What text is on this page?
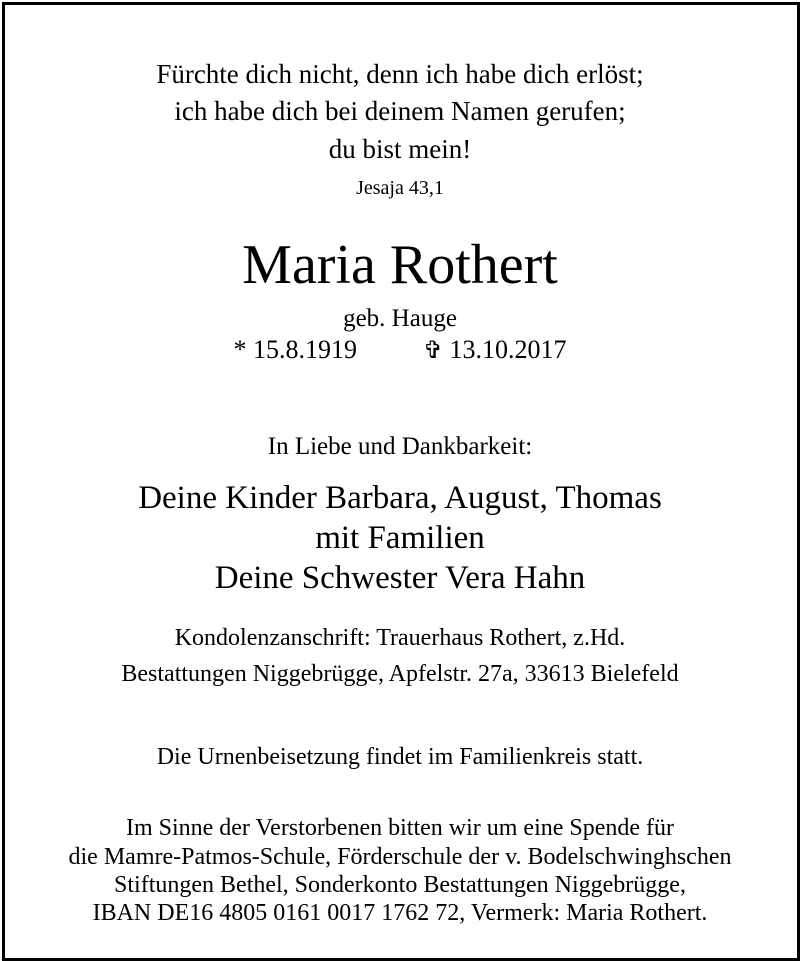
Fürchte dich nicht, denn ich habe dich erlöst;
ich habe dich bei deinem Namen gerufen;
du bist mein!
Jesaja 43,1
Maria Rothert
geb. Hauge
* 15.8.1919	✞ 13.10.2017
In Liebe und Dankbarkeit:
Deine Kinder Barbara, August, Thomas
mit Familien
Deine Schwester Vera Hahn
Kondolenzanschrift: Trauerhaus Rothert, z.Hd.
Bestattungen Niggebrügge, Apfelstr. 27a, 33613 Bielefeld
Die Urnenbeisetzung findet im Familienkreis statt.
Im Sinne der Verstorbenen bitten wir um eine Spende für
die Mamre-Patmos-Schule, Förderschule der v. Bodelschwinghschen
Stiftungen Bethel, Sonderkonto Bestattungen Niggebrügge,
IBAN DE16 4805 0161 0017 1762 72, Vermerk: Maria Rothert.
